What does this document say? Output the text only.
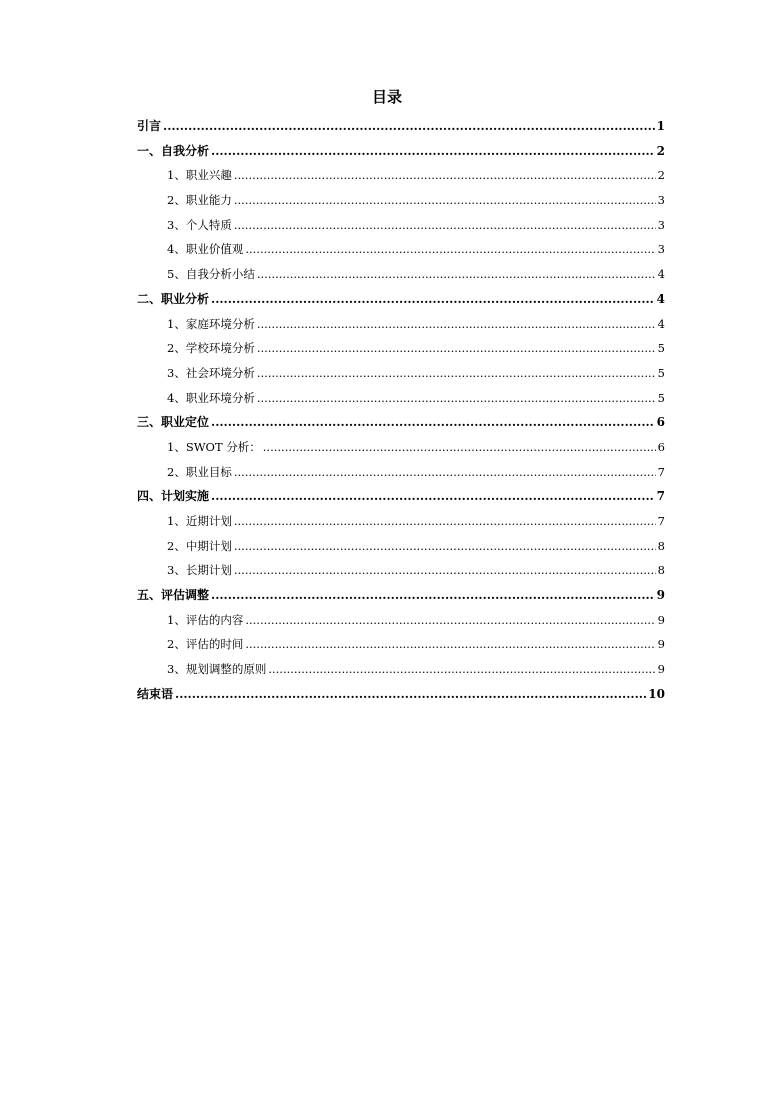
目录
引言 .....	1
一、自我分析 .....	2
1、职业兴趣 .....	2
2、职业能力 .....	3
3、个人特质 .....	3
4、职业价值观 .....	3
5、自我分析小结 .....	4
二、职业分析 .....	4
1、家庭环境分析 .....	4
2、学校环境分析 .....	5
3、社会环境分析 .....	5
4、职业环境分析 .....	5
三、职业定位 .....	6
1、SWOT 分析： .....	6
2、职业目标 .....	7
四、计划实施 .....	7
1、近期计划 .....	7
2、中期计划 .....	8
3、长期计划 .....	8
五、评估调整 .....	9
1、评估的内容 .....	9
2、评估的时间 .....	9
3、规划调整的原则 .....	9
结束语 .....	10
